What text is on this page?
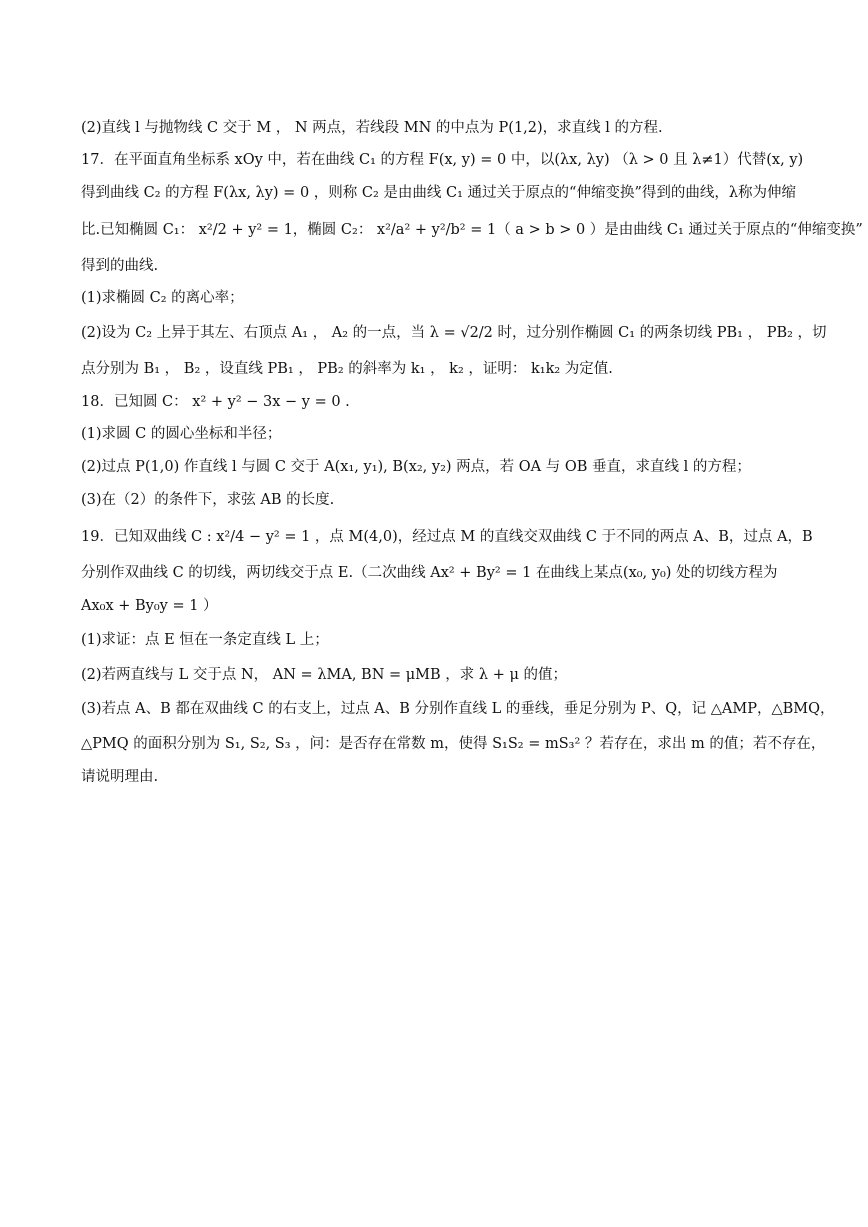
(2)直线 l 与抛物线 C 交于 M ， N 两点，若线段 MN 的中点为 P(1,2)，求直线 l 的方程.
17．在平面直角坐标系 xOy 中，若在曲线 C₁ 的方程 F(x, y) = 0 中，以(λx, λy) （λ > 0 且 λ≠1）代替(x, y)
得到曲线 C₂ 的方程 F(λx, λy) = 0 ，则称 C₂ 是由曲线 C₁ 通过关于原点的“伸缩变换”得到的曲线，λ称为伸缩
比.已知椭圆 C₁： x²/2 + y² = 1，椭圆 C₂： x²/a² + y²/b² = 1（ a > b > 0 ）是由曲线 C₁ 通过关于原点的“伸缩变换”
得到的曲线.
(1)求椭圆 C₂ 的离心率；
(2)设为 C₂ 上异于其左、右顶点 A₁ ， A₂ 的一点，当 λ = √2/2 时，过分别作椭圆 C₁ 的两条切线 PB₁ ， PB₂ ，切
点分别为 B₁ ， B₂ ，设直线 PB₁ ， PB₂ 的斜率为 k₁ ， k₂ ，证明： k₁k₂ 为定值.
18．已知圆 C： x² + y² − 3x − y = 0 .
(1)求圆 C 的圆心坐标和半径；
(2)过点 P(1,0) 作直线 l 与圆 C 交于 A(x₁, y₁), B(x₂, y₂) 两点，若 OA 与 OB 垂直，求直线 l 的方程；
(3)在（2）的条件下，求弦 AB 的长度.
19．已知双曲线 C : x²/4 − y² = 1 ，点 M(4,0)，经过点 M 的直线交双曲线 C 于不同的两点 A、B，过点 A，B
分别作双曲线 C 的切线，两切线交于点 E.（二次曲线 Ax² + By² = 1 在曲线上某点(x₀, y₀) 处的切线方程为
Ax₀x + By₀y = 1 ）
(1)求证：点 E 恒在一条定直线 L 上；
(2)若两直线与 L 交于点 N， AN = λMA, BN = μMB ，求 λ + μ 的值；
(3)若点 A、B 都在双曲线 C 的右支上，过点 A、B 分别作直线 L 的垂线，垂足分别为 P、Q，记 △AMP，△BMQ，
△PMQ 的面积分别为 S₁, S₂, S₃ ，问：是否存在常数 m，使得 S₁S₂ = mS₃² ？若存在，求出 m 的值；若不存在，
请说明理由.
